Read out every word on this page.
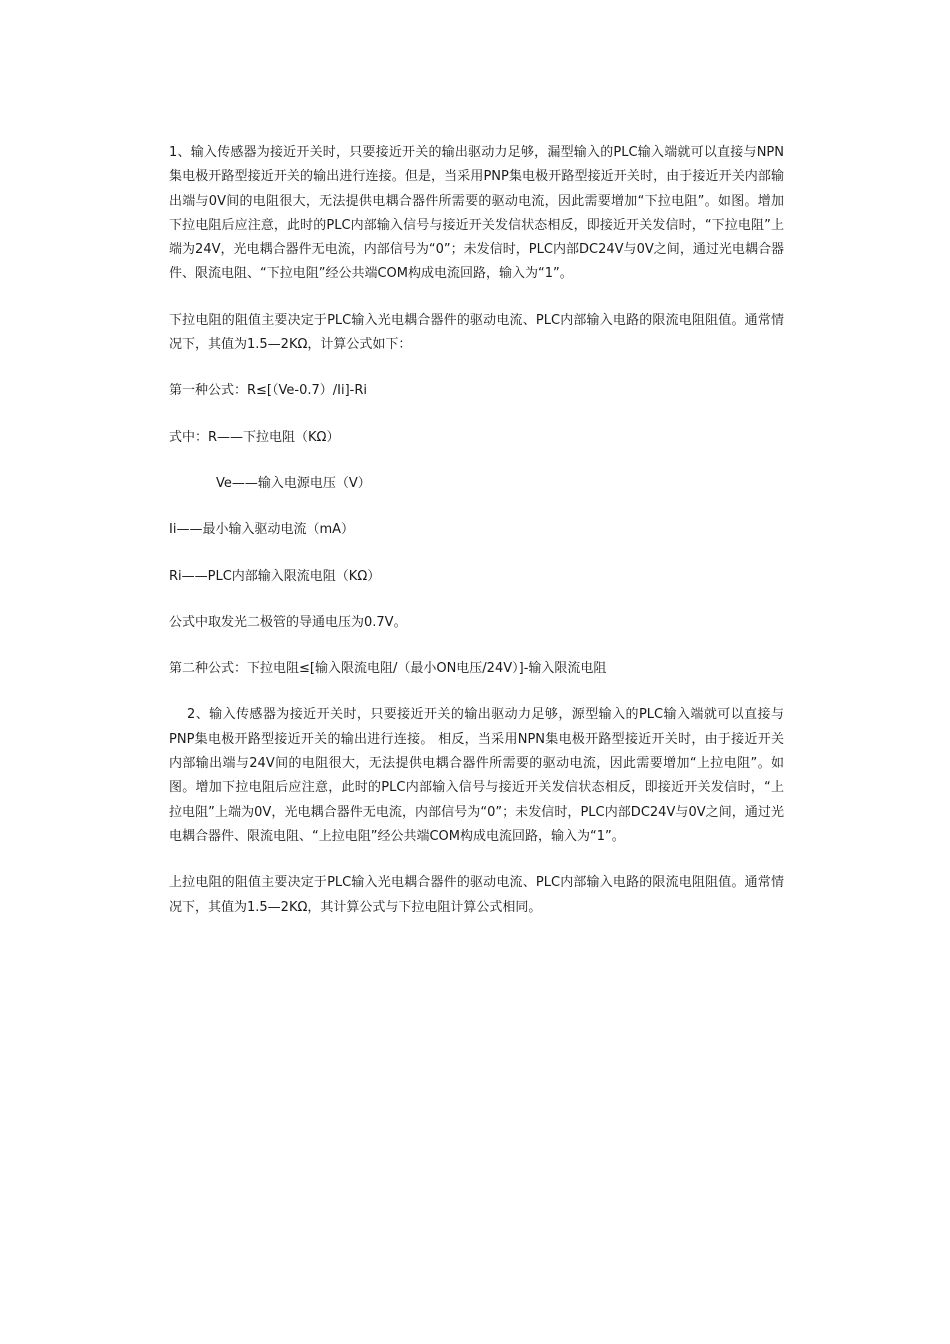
1、输入传感器为接近开关时，只要接近开关的输出驱动力足够，漏型输入的PLC输入端就可以直接与NPN集电极开路型接近开关的输出进行连接。但是，当采用PNP集电极开路型接近开关时，由于接近开关内部输出端与0V间的电阻很大，无法提供电耦合器件所需要的驱动电流，因此需要增加“下拉电阻”。如图。增加下拉电阻后应注意，此时的PLC内部输入信号与接近开关发信状态相反，即接近开关发信时，“下拉电阻”上端为24V，光电耦合器件无电流，内部信号为“0”；未发信时，PLC内部DC24V与0V之间，通过光电耦合器件、限流电阻、“下拉电阻”经公共端COM构成电流回路，输入为“1”。

下拉电阻的阻值主要决定于PLC输入光电耦合器件的驱动电流、PLC内部输入电路的限流电阻阻值。通常情况下，其值为1.5—2KΩ，计算公式如下：

第一种公式：R≤[（Ve-0.7）/Ii]-Ri

式中：R——下拉电阻（KΩ）

Ve——输入电源电压（V）

Ii——最小输入驱动电流（mA）

Ri——PLC内部输入限流电阻（KΩ）

公式中取发光二极管的导通电压为0.7V。

第二种公式：下拉电阻≤[输入限流电阻/（最小ON电压/24V）]-输入限流电阻

2、输入传感器为接近开关时，只要接近开关的输出驱动力足够，源型输入的PLC输入端就可以直接与PNP集电极开路型接近开关的输出进行连接。 相反，当采用NPN集电极开路型接近开关时，由于接近开关内部输出端与24V间的电阻很大，无法提供电耦合器件所需要的驱动电流，因此需要增加“上拉电阻”。如图。增加下拉电阻后应注意，此时的PLC内部输入信号与接近开关发信状态相反，即接近开关发信时，“上拉电阻”上端为0V，光电耦合器件无电流，内部信号为“0”；未发信时，PLC内部DC24V与0V之间，通过光电耦合器件、限流电阻、“上拉电阻”经公共端COM构成电流回路，输入为“1”。

上拉电阻的阻值主要决定于PLC输入光电耦合器件的驱动电流、PLC内部输入电路的限流电阻阻值。通常情况下，其值为1.5—2KΩ，其计算公式与下拉电阻计算公式相同。
